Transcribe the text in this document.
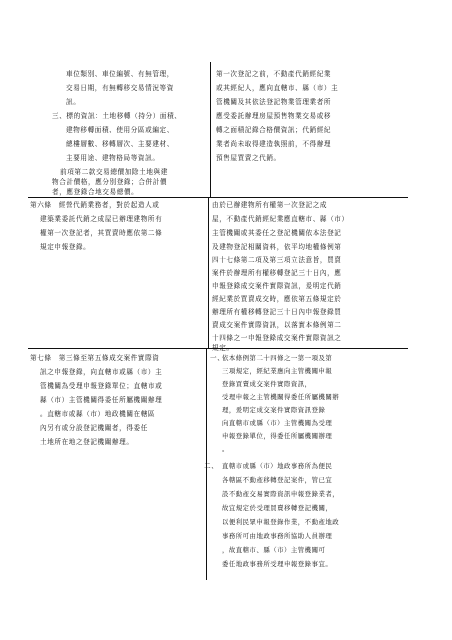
車位類別、車位編號、有無管理，
交易日期，有無轉移交易情況等資
訊。
三、標的資訊：土地移轉（持分）面積、
建物移轉面積、使用分區或編定、
總樓層數、移轉層次、主要建材、
主要用途、建物格局等資訊。
前項第二款交易總價加除土地與建
物合計價格，應分別登錄；合併計價
者，應登錄合地交易總價。
第一次登記之前，不動產代銷經紀業
或其經紀人，應向直轄市、縣（市）主
管機關及其依法登記物業管理業者所
應受委託辦理房屋預售物業交易或移
轉之面積記錄合格價資訊；代銷經紀
業者尚未取得建造執照前，不得辦理
預售屋買賣之代銷。
第六條　經營代銷業務者，對於起造人或
建築業委託代銷之成屋已辦理建物所有
權第一次登記者，其買賣時應依第二條
規定申報登錄。
由於已辦建物所有權第一次登記之成
屋，不動產代銷經紀業應直轄市、縣（市）
主管機關或其委任之登記機關依本法登記
及建物登記相關資料，依平均地權條例第
四十七條第二項及第三項立法意旨，買賣
案件於辦理所有權移轉登記三十日內，應
申報登錄成交案件實際資訊，爰明定代銷
經紀業於買賣成交時，應依第五條規定於
辦理所有權移轉登記三十日內申報登錄買
賣成交案件實際資訊，以落實本條例第二
十四條之一申報登錄成交案件實際資訊之
規定。
第七條　第三條至第五條成交案件實際資
訊之申報登錄，向直轄市或縣（市）主
管機關為受理申報登錄單位；直轄市或
縣（市）主管機關得委任所屬機關辦理
。直轄市或縣（市）地政機關在轄區
內另有或分設登記機關者，得委任
土地所在地之登記機關辦理。
一、
依本條例第二十四條之一第一項及第
三項規定，經紀業應向主管機關申報
登錄買賣成交案件實際資訊，
受理申報之主管機關得委任所屬機關辦
理，爰明定成交案件實際資訊登錄
向直轄市或縣（市）主管機關為受理
申報登錄單位，得委任所屬機關辦理
。
二、 直轄市或縣（市）地政事務所為便民
各轄區不動產移轉登記案件，管已宜
設不動產交易實際資訊申報登錄業者，
故宜規定於受理買賣移轉登記機關，
以便利民眾申報登錄作業，不動產地政
事務所可由地政事務所協助人員辦理
，故直轄市、縣（市）主管機關可
委任地政事務所受理申報登錄事宜。
